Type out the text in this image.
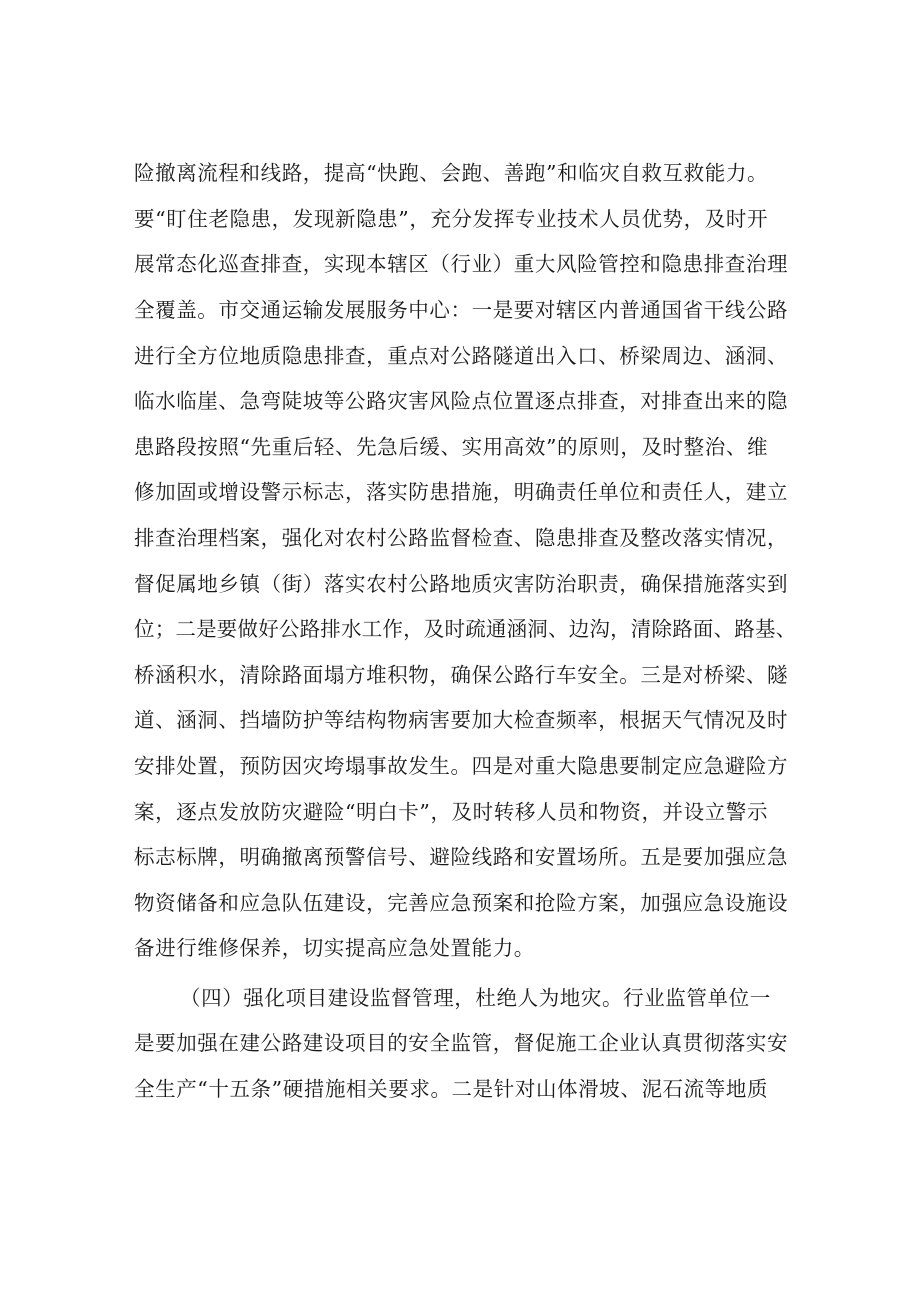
险撤离流程和线路，提高“快跑、会跑、善跑”和临灾自救互救能力。
要“盯住老隐患，发现新隐患”，充分发挥专业技术人员优势，及时开
展常态化巡查排查，实现本辖区（行业）重大风险管控和隐患排查治理
全覆盖。市交通运输发展服务中心：一是要对辖区内普通国省干线公路
进行全方位地质隐患排查，重点对公路隧道出入口、桥梁周边、涵洞、
临水临崖、急弯陡坡等公路灾害风险点位置逐点排查，对排查出来的隐
患路段按照“先重后轻、先急后缓、实用高效”的原则，及时整治、维
修加固或增设警示标志，落实防患措施，明确责任单位和责任人，建立
排查治理档案，强化对农村公路监督检查、隐患排查及整改落实情况，
督促属地乡镇（街）落实农村公路地质灾害防治职责，确保措施落实到
位；二是要做好公路排水工作，及时疏通涵洞、边沟，清除路面、路基、
桥涵积水，清除路面塌方堆积物，确保公路行车安全。三是对桥梁、隧
道、涵洞、挡墙防护等结构物病害要加大检查频率，根据天气情况及时
安排处置，预防因灾垮塌事故发生。四是对重大隐患要制定应急避险方
案，逐点发放防灾避险“明白卡”，及时转移人员和物资，并设立警示
标志标牌，明确撤离预警信号、避险线路和安置场所。五是要加强应急
物资储备和应急队伍建设，完善应急预案和抢险方案，加强应急设施设
备进行维修保养，切实提高应急处置能力。
（四）强化项目建设监督管理，杜绝人为地灾。行业监管单位一
是要加强在建公路建设项目的安全监管，督促施工企业认真贯彻落实安
全生产“十五条”硬措施相关要求。二是针对山体滑坡、泥石流等地质
